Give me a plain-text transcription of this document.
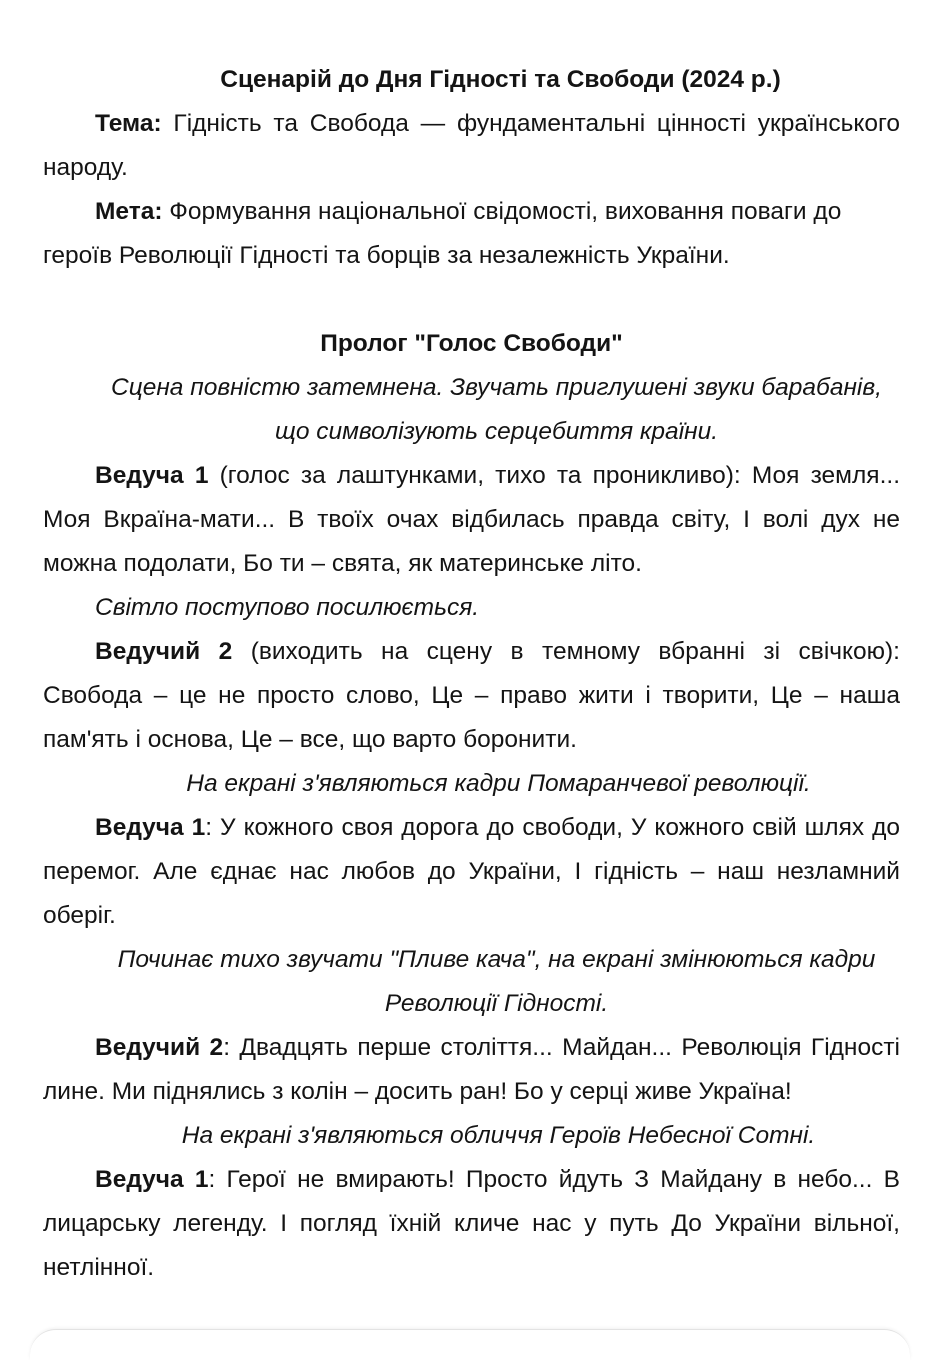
Сценарій до Дня Гідності та Свободи (2024 р.)

Тема: Гідність та Свобода — фундаментальні цінності українського народу.

Мета: Формування національної свідомості, виховання поваги до героїв Революції Гідності та борців за незалежність України.

Пролог "Голос Свободи"

Сцена повністю затемнена. Звучать приглушені звуки барабанів, що символізують серцебиття країни.

Ведуча 1 (голос за лаштунками, тихо та проникливо): Моя земля... Моя Вкраїна-мати... В твоїх очах відбилась правда світу, І волі дух не можна подолати, Бо ти – свята, як материнське літо.

Світло поступово посилюється.

Ведучий 2 (виходить на сцену в темному вбранні зі свічкою): Свобода – це не просто слово, Це – право жити і творити, Це – наша пам'ять і основа, Це – все, що варто боронити.

На екрані з'являються кадри Помаранчевої революції.

Ведуча 1: У кожного своя дорога до свободи, У кожного свій шлях до перемог. Але єднає нас любов до України, І гідність – наш незламний оберіг.

Починає тихо звучати "Пливе кача", на екрані змінюються кадри Революції Гідності.

Ведучий 2: Двадцять перше століття... Майдан... Революція Гідності лине. Ми піднялись з колін – досить ран! Бо у серці живе Україна!

На екрані з'являються обличчя Героїв Небесної Сотні.

Ведуча 1: Герої не вмирають! Просто йдуть З Майдану в небо... В лицарську легенду. І погляд їхній кличе нас у путь До України вільної, нетлінної.
